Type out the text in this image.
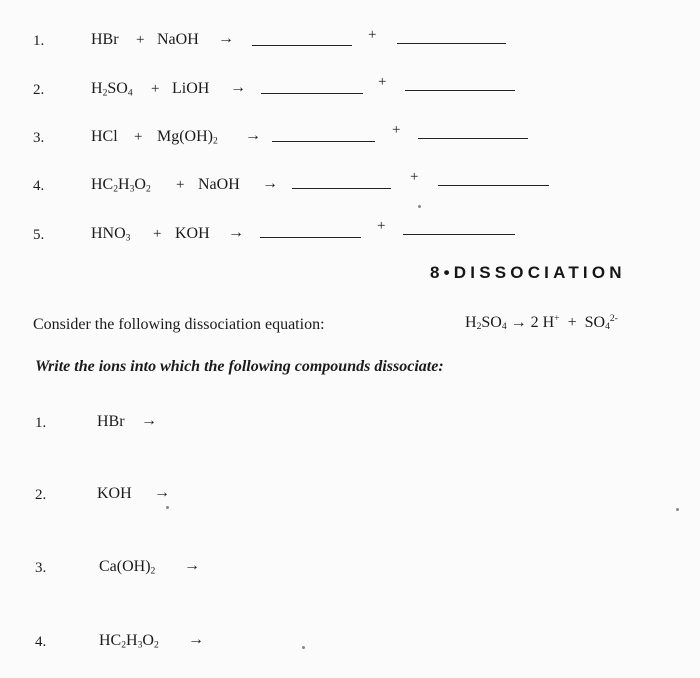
1.	HBr + NaOH →	+
2.	$H_2SO_4$ + LiOH →	+
3.	HCl + $Mg(OH)_2$ →	+
4.	$HC_2H_3O_2$ + NaOH →	+
5.	$HNO_3$ + KOH →	+
8•DISSOCIATION
Consider the following dissociation equation:	$H_2SO_4 \to 2$ $H^+ + SO_4^{2-}$
Write the ions into which the following compounds dissociate:
1.	HBr →
2.	KOH →
3.	$Ca(OH)_2$ →
4.	$HC_2H_3O_2$ →
